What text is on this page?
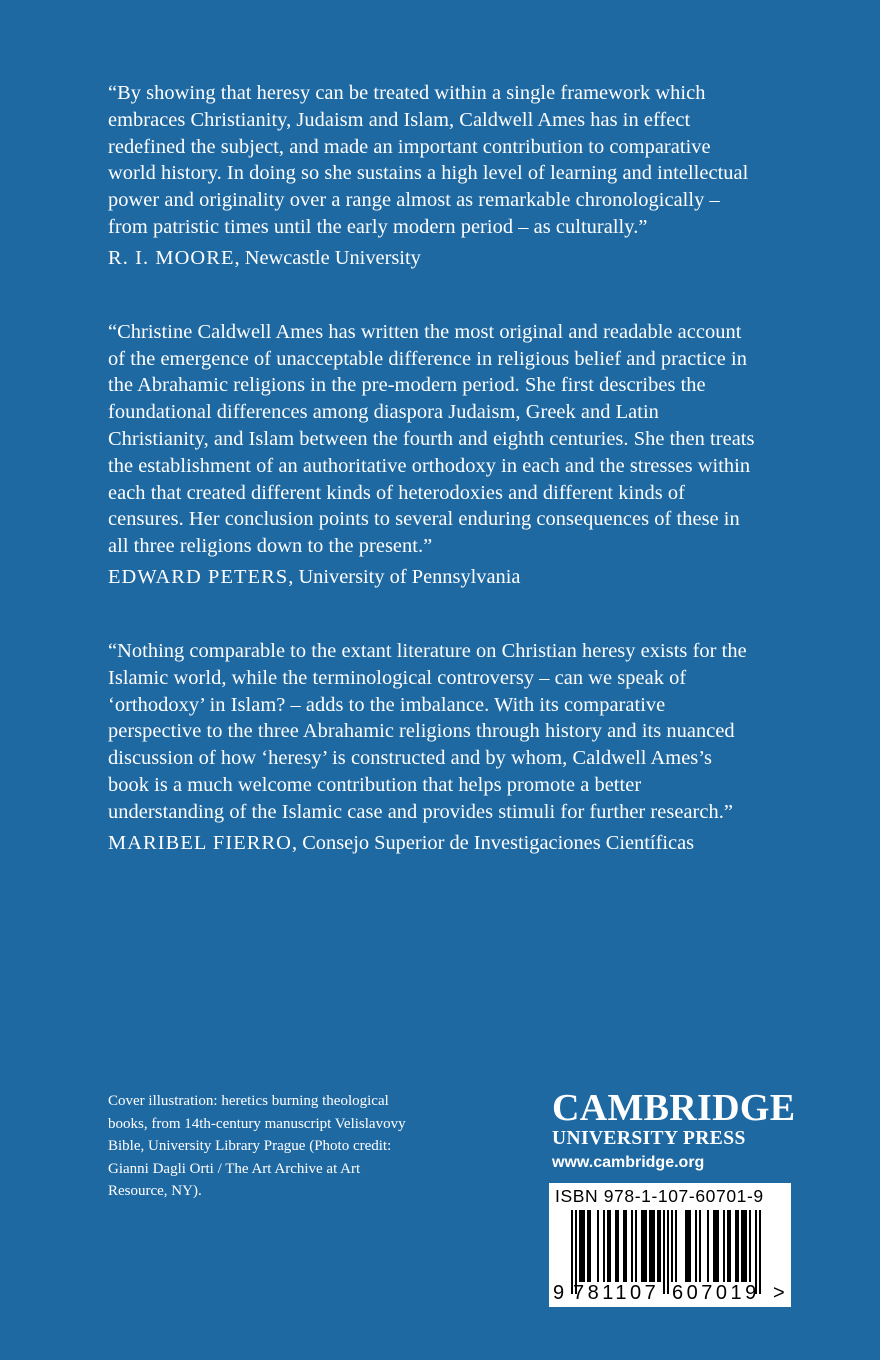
“By showing that heresy can be treated within a single framework which embraces Christianity, Judaism and Islam, Caldwell Ames has in effect redefined the subject, and made an important contribution to comparative world history. In doing so she sustains a high level of learning and intellectual power and originality over a range almost as remarkable chronologically – from patristic times until the early modern period – as culturally.”

R. I. MOORE, Newcastle University

“Christine Caldwell Ames has written the most original and readable account of the emergence of unacceptable difference in religious belief and practice in the Abrahamic religions in the pre-modern period. She first describes the foundational differences among diaspora Judaism, Greek and Latin Christianity, and Islam between the fourth and eighth centuries. She then treats the establishment of an authoritative orthodoxy in each and the stresses within each that created different kinds of heterodoxies and different kinds of censures. Her conclusion points to several enduring consequences of these in all three religions down to the present.”

EDWARD PETERS, University of Pennsylvania

“Nothing comparable to the extant literature on Christian heresy exists for the Islamic world, while the terminological controversy – can we speak of ‘orthodoxy’ in Islam? – adds to the imbalance. With its comparative perspective to the three Abrahamic religions through history and its nuanced discussion of how ‘heresy’ is constructed and by whom, Caldwell Ames’s book is a much welcome contribution that helps promote a better understanding of the Islamic case and provides stimuli for further research.”

MARIBEL FIERRO, Consejo Superior de Investigaciones Científicas

Cover illustration: heretics burning theological books, from 14th-century manuscript Velislavovy Bible, University Library Prague (Photo credit: Gianni Dagli Orti / The Art Archive at Art Resource, NY).

CAMBRIDGE

UNIVERSITY PRESS

www.cambridge.org

ISBN 978-1-107-60701-9
9 781107 607019 >
